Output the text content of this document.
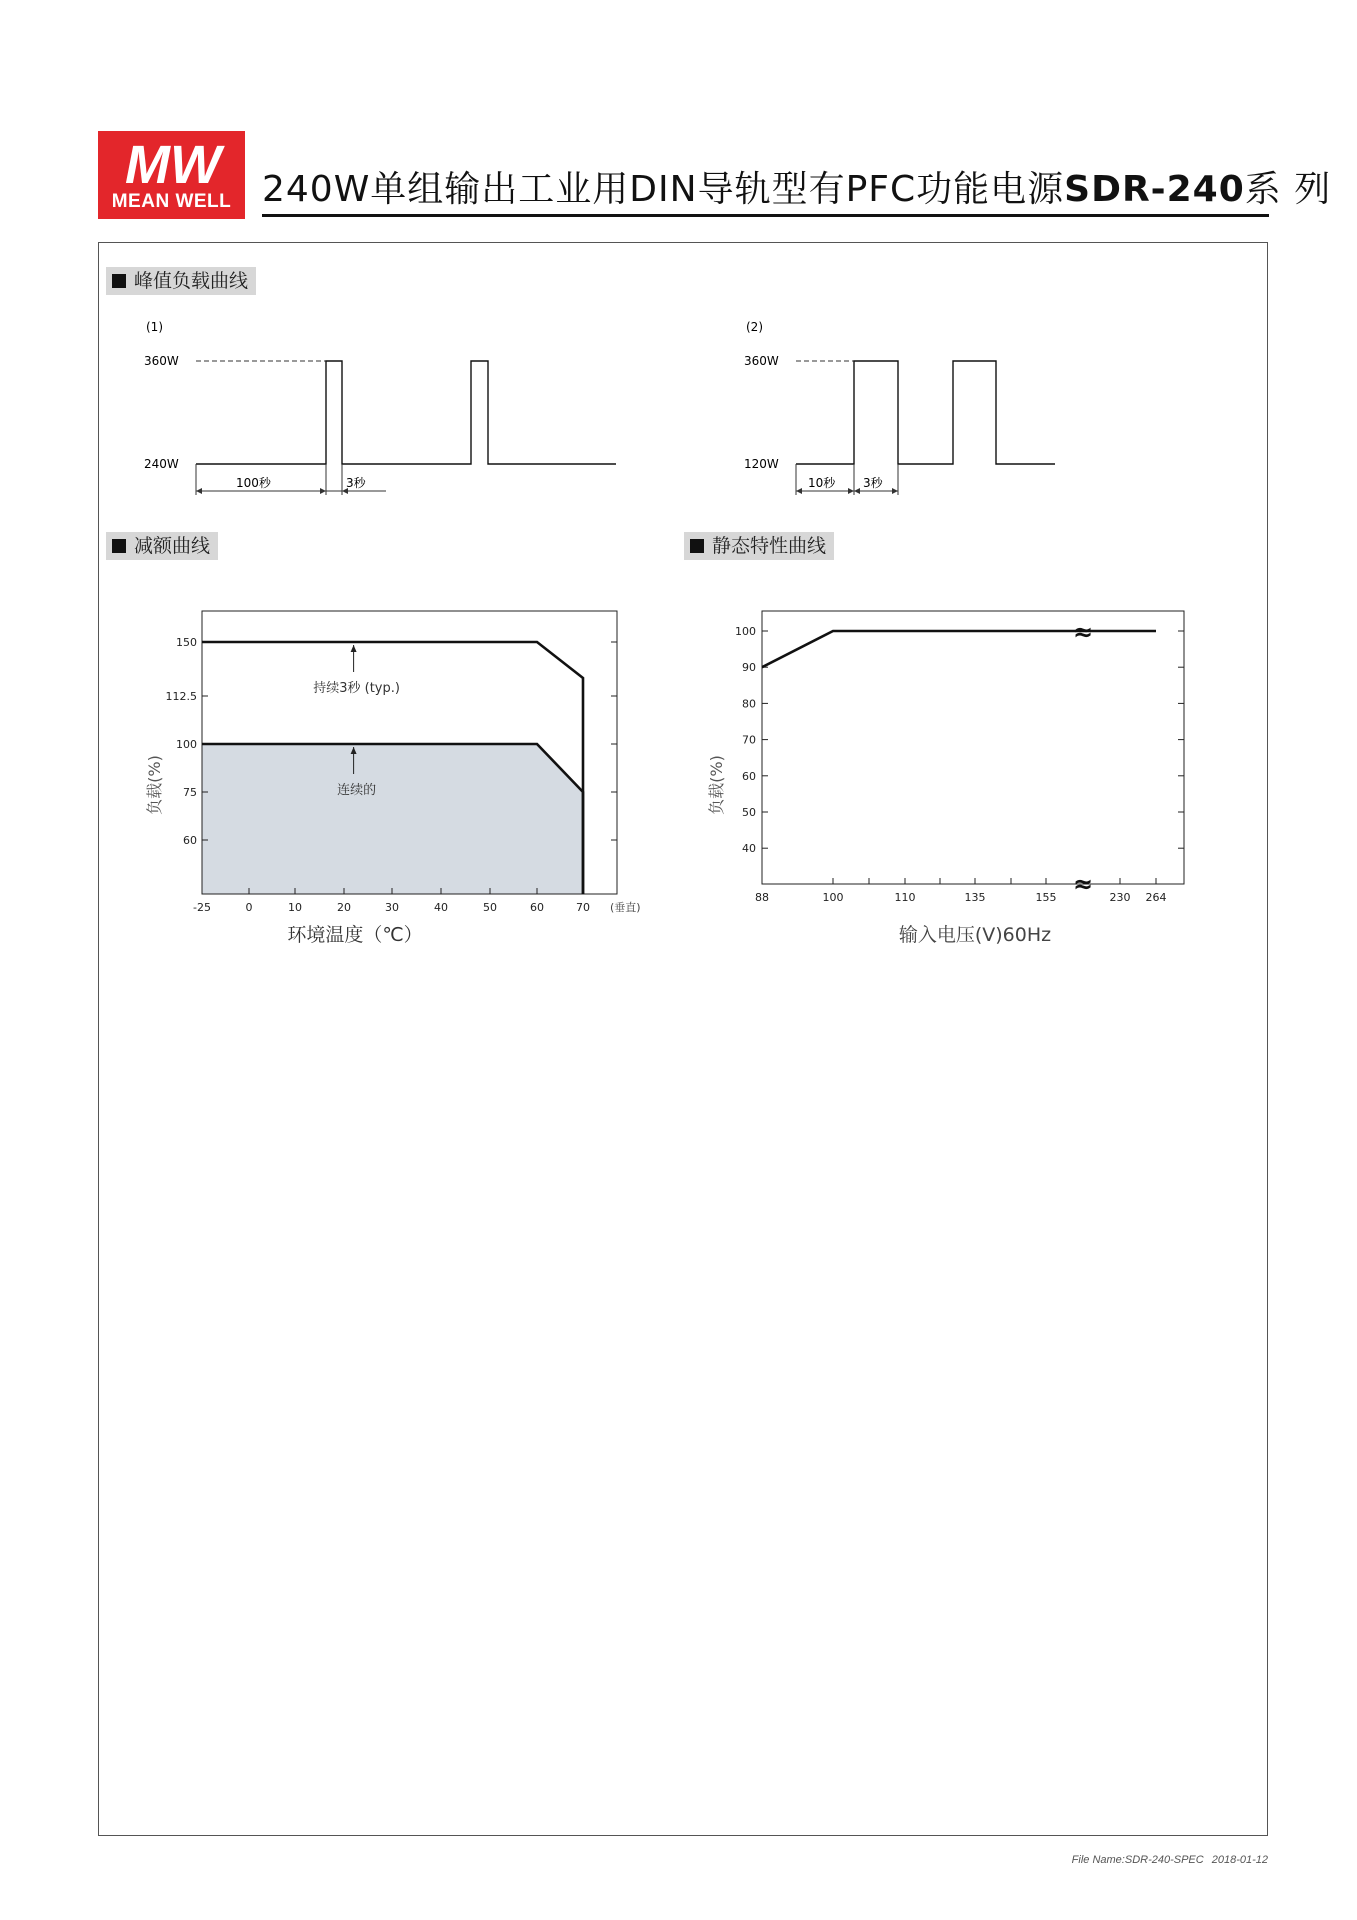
MW
MEAN WELL 240W单组输出工业用DIN导轨型有PFC功能电源SDR-240系 列
峰值负载曲线
减额曲线	静态特性曲线
(1)
360W
240W
100秒	3秒
(2)
360W
120W
10秒 3秒
-25	0	10	20	30	40	50	60	70 (垂直)
60
75
100
112.5
150
持续3秒 (typ.)
连续的
环境温度（℃）
负载(%)
88	100	110	135	155	230 264
40
50
60
70
80
90
100	≈
≈
输入电压(V)60Hz
负载(%)
File Name:SDR-240-SPEC 2018-01-12
